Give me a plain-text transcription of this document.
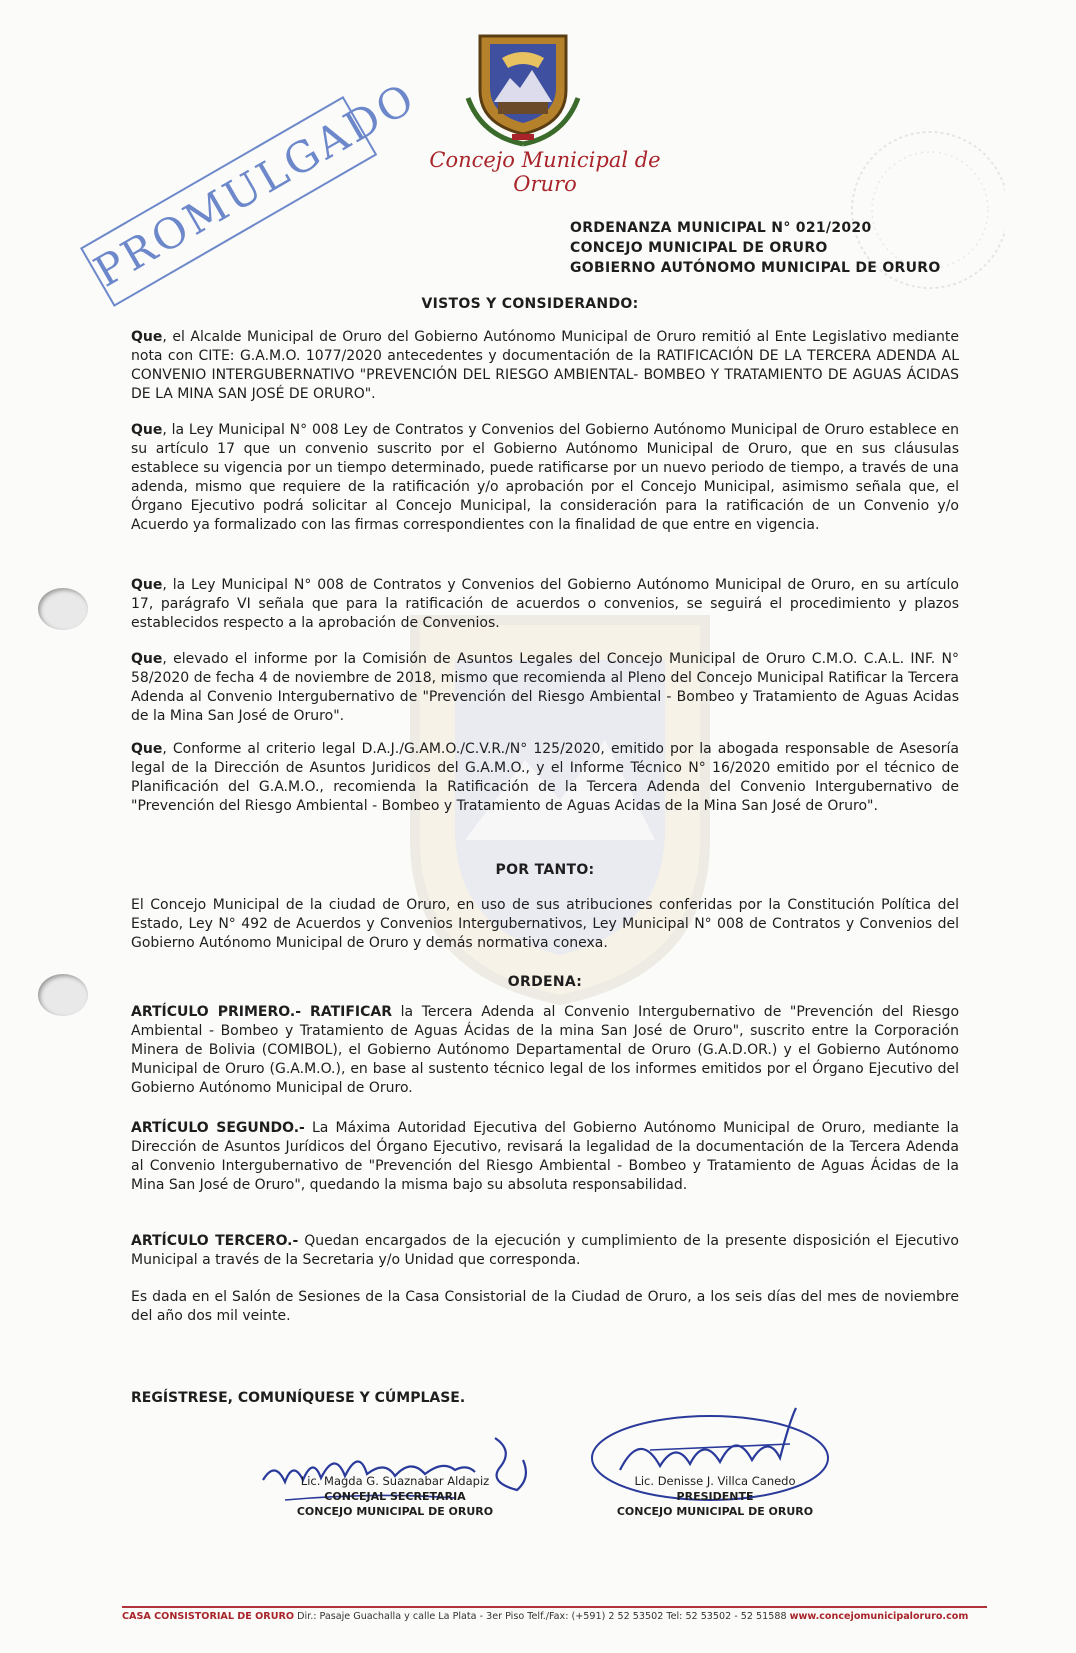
Concejo Municipal de Oruro
PROMULGADO	ORDENANZA MUNICIPAL N° 021/2020
CONCEJO MUNICIPAL DE ORURO
GOBIERNO AUTÓNOMO MUNICIPAL DE ORURO
VISTOS Y CONSIDERANDO:

Que, el Alcalde Municipal de Oruro del Gobierno Autónomo Municipal de Oruro remitió al Ente Legislativo mediante nota con CITE: G.A.M.O. 1077/2020 antecedentes y documentación de la RATIFICACIÓN DE LA TERCERA ADENDA AL CONVENIO INTERGUBERNATIVO "PREVENCIÓN DEL RIESGO AMBIENTAL- BOMBEO Y TRATAMIENTO DE AGUAS ÁCIDAS DE LA MINA SAN JOSÉ DE ORURO".

Que, la Ley Municipal N° 008 Ley de Contratos y Convenios del Gobierno Autónomo Municipal de Oruro establece en su artículo 17 que un convenio suscrito por el Gobierno Autónomo Municipal de Oruro, que en sus cláusulas establece su vigencia por un tiempo determinado, puede ratificarse por un nuevo periodo de tiempo, a través de una adenda, mismo que requiere de la ratificación y/o aprobación por el Concejo Municipal, asimismo señala que, el Órgano Ejecutivo podrá solicitar al Concejo Municipal, la consideración para la ratificación de un Convenio y/o Acuerdo ya formalizado con las firmas correspondientes con la finalidad de que entre en vigencia.

Que, la Ley Municipal N° 008 de Contratos y Convenios del Gobierno Autónomo Municipal de Oruro, en su artículo 17, parágrafo VI señala que para la ratificación de acuerdos o convenios, se seguirá el procedimiento y plazos establecidos respecto a la aprobación de Convenios.

Que, elevado el informe por la Comisión de Asuntos Legales del Concejo Municipal de Oruro C.M.O. C.A.L. INF. N° 58/2020 de fecha 4 de noviembre de 2018, mismo que recomienda al Pleno del Concejo Municipal Ratificar la Tercera Adenda al Convenio Intergubernativo de "Prevención del Riesgo Ambiental - Bombeo y Tratamiento de Aguas Acidas de la Mina San José de Oruro".

Que, Conforme al criterio legal D.A.J./G.AM.O./C.V.R./N° 125/2020, emitido por la abogada responsable de Asesoría legal de la Dirección de Asuntos Juridicos del G.A.M.O., y el Informe Técnico N° 16/2020 emitido por el técnico de Planificación del G.A.M.O., recomienda la Ratificación de la Tercera Adenda del Convenio Intergubernativo de "Prevención del Riesgo Ambiental - Bombeo y Tratamiento de Aguas Acidas de la Mina San José de Oruro".

POR TANTO:

El Concejo Municipal de la ciudad de Oruro, en uso de sus atribuciones conferidas por la Constitución Política del Estado, Ley N° 492 de Acuerdos y Convenios Intergubernativos, Ley Municipal N° 008 de Contratos y Convenios del Gobierno Autónomo Municipal de Oruro y demás normativa conexa.

ORDENA:

ARTÍCULO PRIMERO.- RATIFICAR la Tercera Adenda al Convenio Intergubernativo de "Prevención del Riesgo Ambiental - Bombeo y Tratamiento de Aguas Ácidas de la mina San José de Oruro", suscrito entre la Corporación Minera de Bolivia (COMIBOL), el Gobierno Autónomo Departamental de Oruro (G.A.D.OR.) y el Gobierno Autónomo Municipal de Oruro (G.A.M.O.), en base al sustento técnico legal de los informes emitidos por el Órgano Ejecutivo del Gobierno Autónomo Municipal de Oruro.

ARTÍCULO SEGUNDO.- La Máxima Autoridad Ejecutiva del Gobierno Autónomo Municipal de Oruro, mediante la Dirección de Asuntos Jurídicos del Órgano Ejecutivo, revisará la legalidad de la documentación de la Tercera Adenda al Convenio Intergubernativo de "Prevención del Riesgo Ambiental - Bombeo y Tratamiento de Aguas Ácidas de la Mina San José de Oruro", quedando la misma bajo su absoluta responsabilidad.

ARTÍCULO TERCERO.- Quedan encargados de la ejecución y cumplimiento de la presente disposición el Ejecutivo Municipal a través de la Secretaria y/o Unidad que corresponda.

Es dada en el Salón de Sesiones de la Casa Consistorial de la Ciudad de Oruro, a los seis días del mes de noviembre del año dos mil veinte.

REGÍSTRESE, COMUNÍQUESE Y CÚMPLASE.
Lic. Magda G. Suaznabar Aldapiz
CONCEJAL SECRETARIA
CONCEJO MUNICIPAL DE ORURO
Lic. Denisse J. Villca Canedo
PRESIDENTE
CONCEJO MUNICIPAL DE ORURO
CASA CONSISTORIAL DE ORURO Dir.: Pasaje Guachalla y calle La Plata - 3er Piso Telf./Fax: (+591) 2 52 53502 Tel: 52 53502 - 52 51588 www.concejomunicipaloruro.com
